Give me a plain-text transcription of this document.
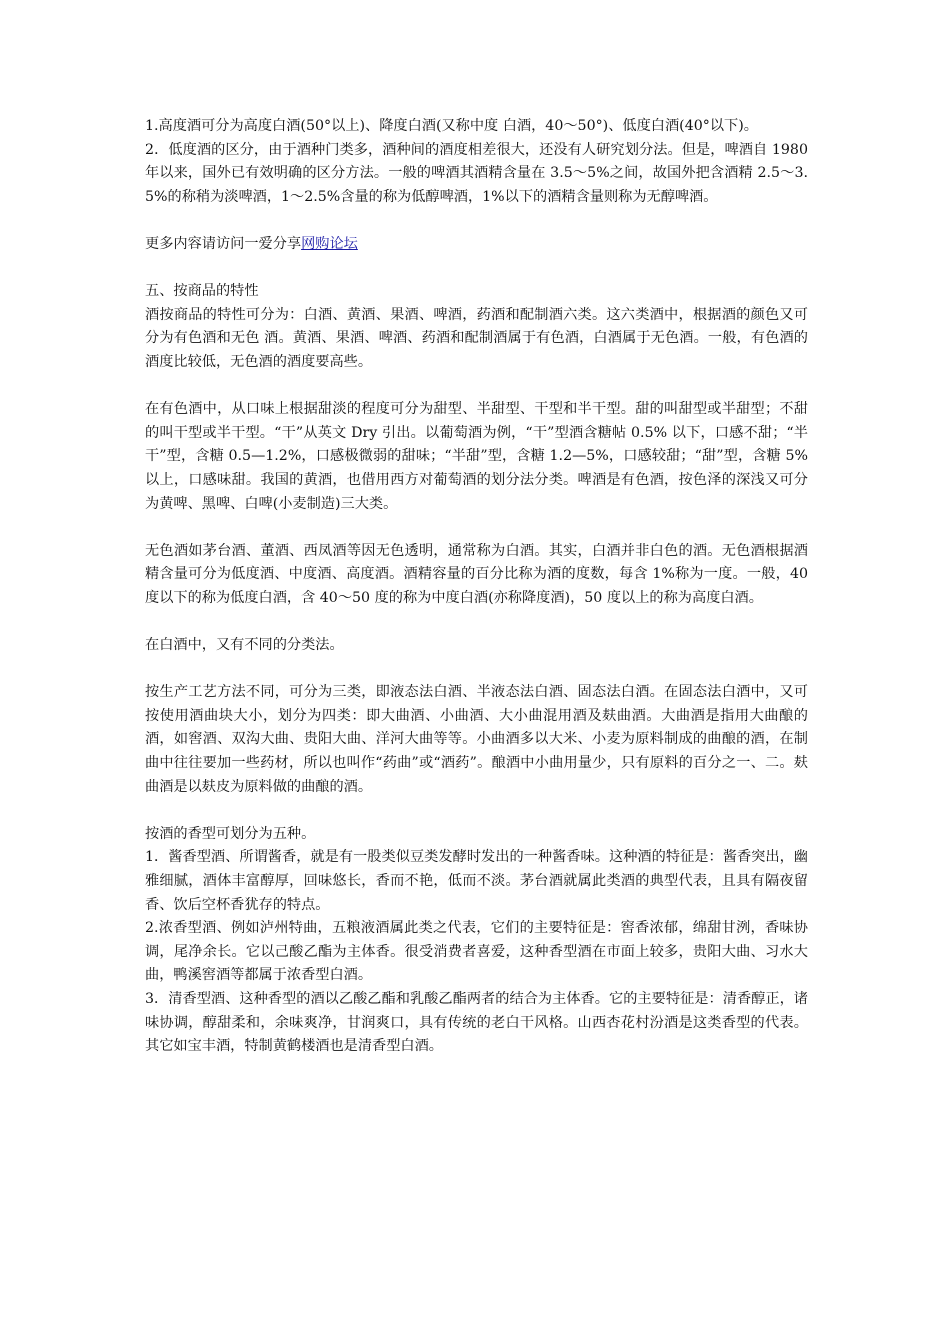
1.高度酒可分为高度白酒(50°以上)、降度白酒(又称中度 白酒，40～50°)、低度白酒(40°以下)。

2．低度酒的区分，由于酒种门类多，酒种间的酒度相差很大，还没有人研究划分法。但是，啤酒自 1980 年以来，国外已有效明确的区分方法。一般的啤酒其酒精含量在 3.5～5%之间，故国外把含酒精 2.5～3.5%的称稍为淡啤酒，1～2.5%含量的称为低醇啤酒，1%以下的酒精含量则称为无醇啤酒。

更多内容请访问一爱分享网购论坛

五、按商品的特性

酒按商品的特性可分为：白酒、黄酒、果酒、啤酒，药酒和配制酒六类。这六类酒中，根据酒的颜色又可分为有色酒和无色 酒。黄酒、果酒、啤酒、药酒和配制酒属于有色酒，白酒属于无色酒。一般，有色酒的酒度比较低，无色酒的酒度要高些。

在有色酒中，从口味上根据甜淡的程度可分为甜型、半甜型、干型和半干型。甜的叫甜型或半甜型；不甜的叫干型或半干型。“干”从英文 Dry 引出。以葡萄酒为例，“干”型酒含糖帖 0.5% 以下，口感不甜；“半干”型，含糖 0.5—1.2%，口感极微弱的甜味；“半甜”型，含糖 1.2—5%，口感较甜；“甜”型，含糖 5%以上，口感味甜。我国的黄酒，也借用西方对葡萄酒的划分法分类。啤酒是有色酒，按色泽的深浅又可分为黄啤、黑啤、白啤(小麦制造)三大类。

无色酒如茅台酒、董酒、西凤酒等因无色透明，通常称为白酒。其实，白酒并非白色的酒。无色酒根据酒精含量可分为低度酒、中度酒、高度酒。酒精容量的百分比称为酒的度数，每含 1%称为一度。一般，40 度以下的称为低度白酒，含 40～50 度的称为中度白酒(亦称降度酒)，50 度以上的称为高度白酒。

在白酒中，又有不同的分类法。

按生产工艺方法不同，可分为三类，即液态法白酒、半液态法白酒、固态法白酒。在固态法白酒中，又可按使用酒曲块大小，划分为四类：即大曲酒、小曲酒、大小曲混用酒及麸曲酒。大曲酒是指用大曲酿的酒，如窖酒、双沟大曲、贵阳大曲、洋河大曲等等。小曲酒多以大米、小麦为原料制成的曲酿的酒，在制曲中往往要加一些药材，所以也叫作“药曲”或“酒药”。酿酒中小曲用量少，只有原料的百分之一、二。麸曲酒是以麸皮为原料做的曲酿的酒。

按酒的香型可划分为五种。

1．酱香型酒、所谓酱香，就是有一股类似豆类发酵时发出的一种酱香味。这种酒的特征是：酱香突出，幽雅细腻，酒体丰富醇厚，回味悠长，香而不艳，低而不淡。茅台酒就属此类酒的典型代表，且具有隔夜留香、饮后空杯香犹存的特点。

2.浓香型酒、例如泸州特曲，五粮液酒属此类之代表，它们的主要特征是：窖香浓郁，绵甜甘洌，香味协调，尾净余长。它以己酸乙酯为主体香。很受消费者喜爱，这种香型酒在市面上较多，贵阳大曲、习水大曲，鸭溪窖酒等都属于浓香型白酒。

3．清香型酒、这种香型的酒以乙酸乙酯和乳酸乙酯两者的结合为主体香。它的主要特征是：清香醇正，诸味协调，醇甜柔和，余味爽净，甘润爽口，具有传统的老白干风格。山西杏花村汾酒是这类香型的代表。其它如宝丰酒，特制黄鹤楼酒也是清香型白酒。
